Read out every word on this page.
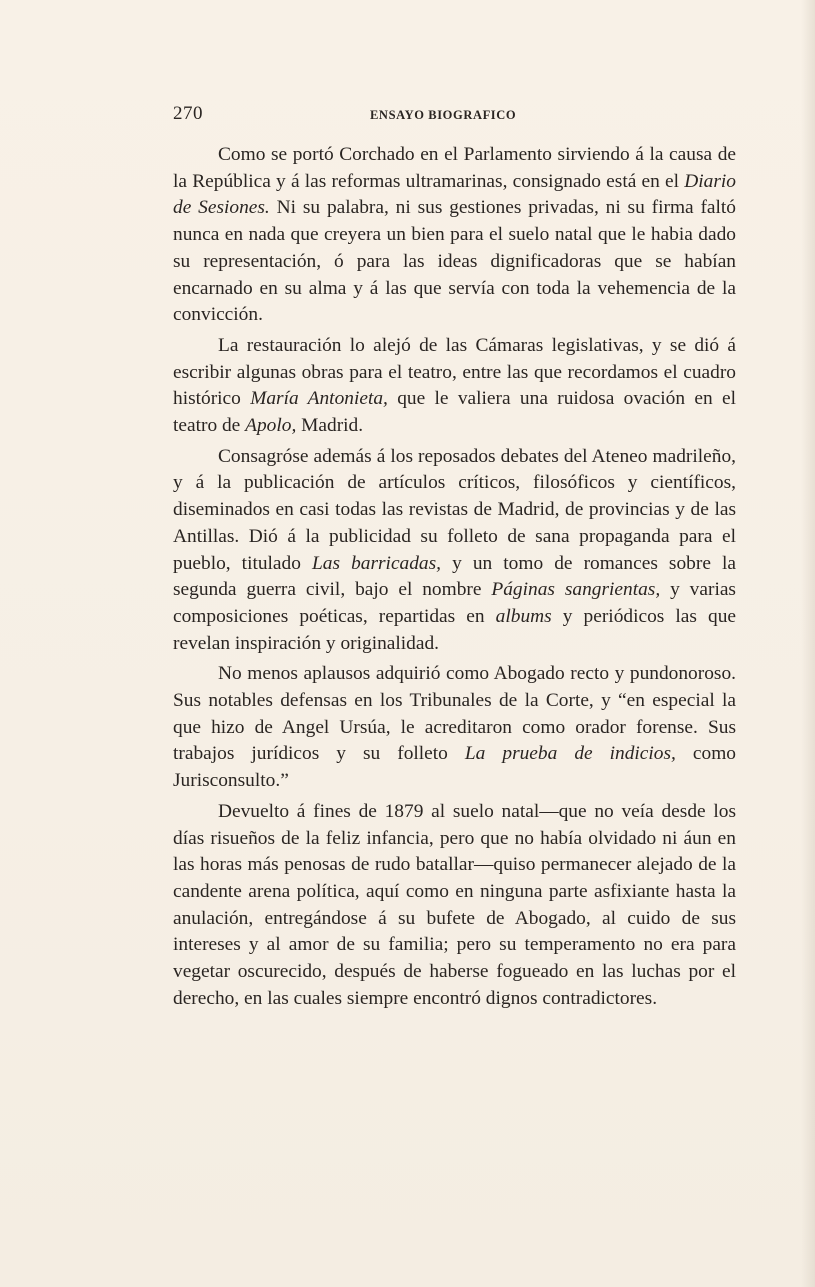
270	ENSAYO BIOGRAFICO

Como se portó Corchado en el Parlamento sirviendo á la causa de la República y á las reformas ultramarinas, consignado está en el Diario de Sesiones. Ni su palabra, ni sus gestiones privadas, ni su firma faltó nunca en nada que creyera un bien para el suelo natal que le habia dado su representación, ó para las ideas dignificadoras que se habían encarnado en su alma y á las que servía con toda la vehemencia de la convicción.

La restauración lo alejó de las Cámaras legislativas, y se dió á escribir algunas obras para el teatro, entre las que recordamos el cuadro histórico María Antonieta, que le valiera una ruidosa ovación en el teatro de Apolo, Madrid.

Consagróse además á los reposados debates del Ateneo madrileño, y á la publicación de artículos críticos, filosóficos y científicos, diseminados en casi todas las revistas de Madrid, de provincias y de las Antillas. Dió á la publicidad su folleto de sana propaganda para el pueblo, titulado Las barricadas, y un tomo de romances sobre la segunda guerra civil, bajo el nombre Páginas sangrientas, y varias composiciones poéticas, repartidas en albums y periódicos las que revelan inspiración y originalidad.

No menos aplausos adquirió como Abogado recto y pundonoroso. Sus notables defensas en los Tribunales de la Corte, y “en especial la que hizo de Angel Ursúa, le acreditaron como orador forense. Sus trabajos jurídicos y su folleto La prueba de indicios, como Jurisconsulto.”

Devuelto á fines de 1879 al suelo natal—que no veía desde los días risueños de la feliz infancia, pero que no había olvidado ni áun en las horas más penosas de rudo batallar—quiso permanecer alejado de la candente arena política, aquí como en ninguna parte asfixiante hasta la anulación, entregándose á su bufete de Abogado, al cuido de sus intereses y al amor de su familia; pero su temperamento no era para vegetar oscurecido, después de haberse fogueado en las luchas por el derecho, en las cuales siempre encontró dignos contradictores.
